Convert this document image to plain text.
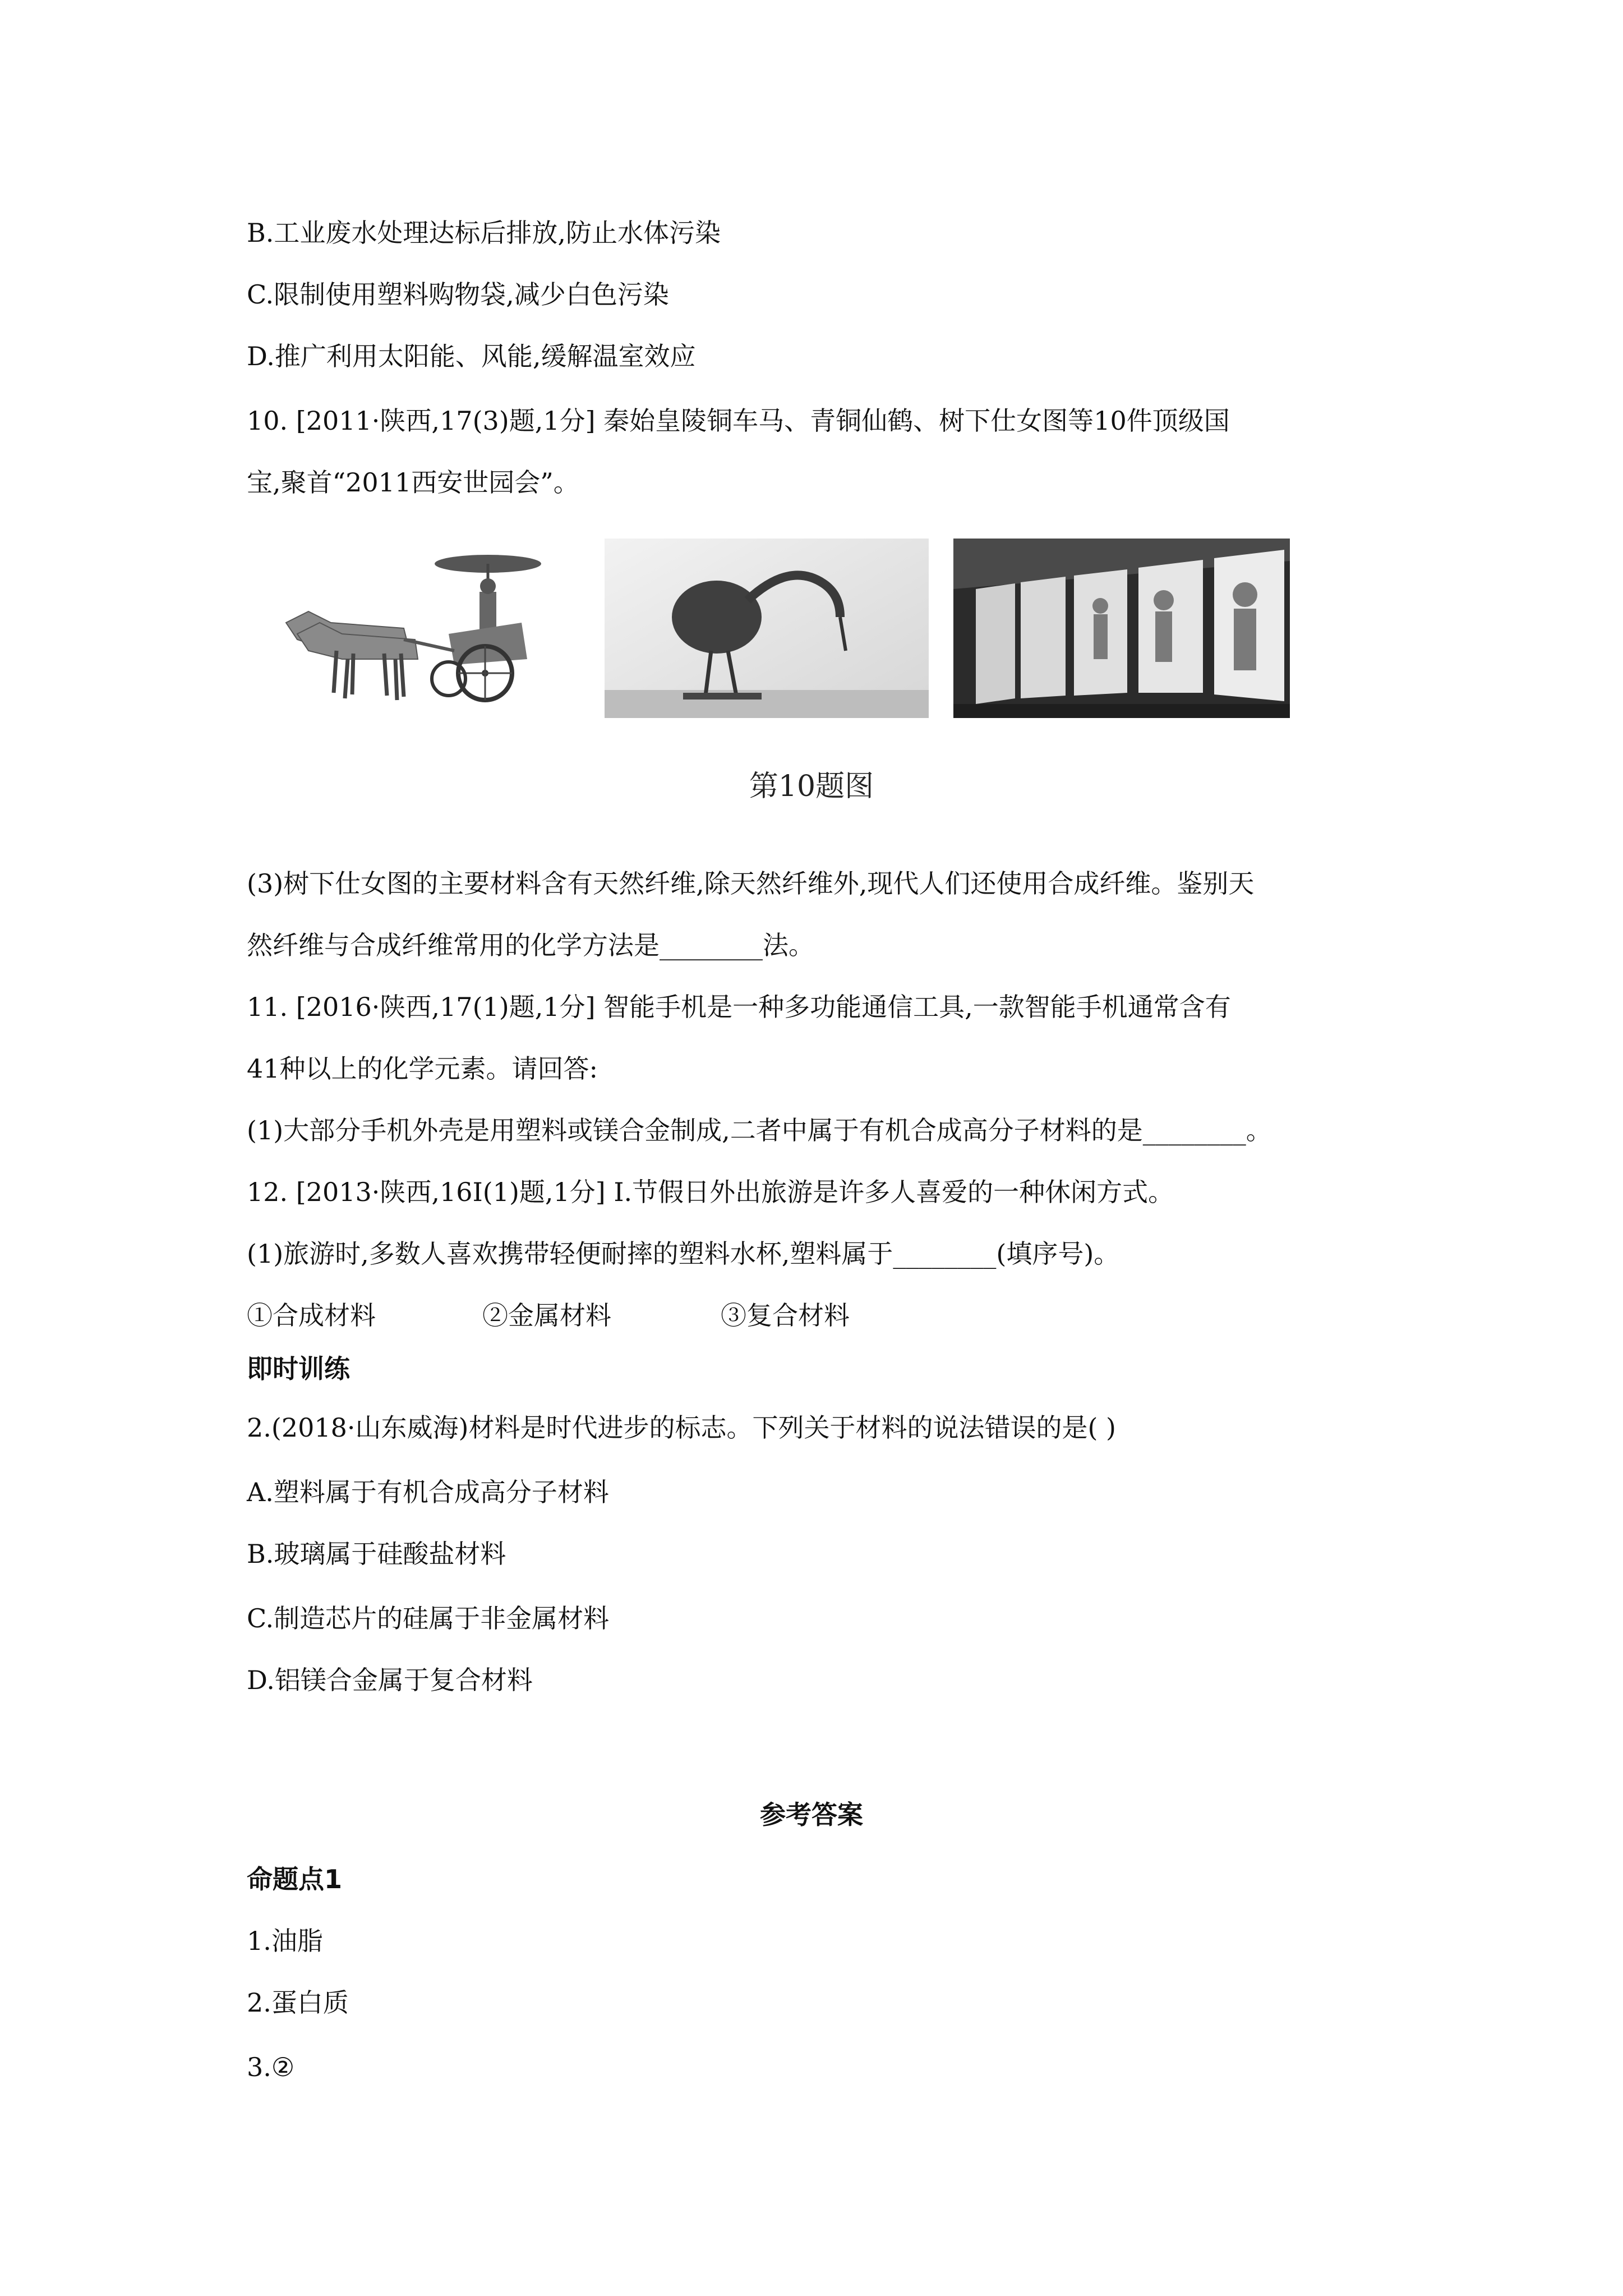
B.工业废水处理达标后排放,防止水体污染
C.限制使用塑料购物袋,减少白色污染
D.推广利用太阳能、风能,缓解温室效应
10. [2011·陕西,17(3)题,1分] 秦始皇陵铜车马、青铜仙鹤、树下仕女图等10件顶级国
宝,聚首“2011西安世园会”。
第10题图
(3)树下仕女图的主要材料含有天然纤维,除天然纤维外,现代人们还使用合成纤维。鉴别天
然纤维与合成纤维常用的化学方法是________法。
11. [2016·陕西,17(1)题,1分] 智能手机是一种多功能通信工具,一款智能手机通常含有
41种以上的化学元素。请回答:
(1)大部分手机外壳是用塑料或镁合金制成,二者中属于有机合成高分子材料的是________。
12. [2013·陕西,16Ⅰ(1)题,1分] Ⅰ.节假日外出旅游是许多人喜爱的一种休闲方式。
(1)旅游时,多数人喜欢携带轻便耐摔的塑料水杯,塑料属于________(填序号)。
①合成材料	②金属材料	③复合材料
即时训练
2.(2018·山东威海)材料是时代进步的标志。下列关于材料的说法错误的是( )
A.塑料属于有机合成高分子材料
B.玻璃属于硅酸盐材料
C.制造芯片的硅属于非金属材料
D.铝镁合金属于复合材料
参考答案
命题点1
1.油脂
2.蛋白质
3.②
